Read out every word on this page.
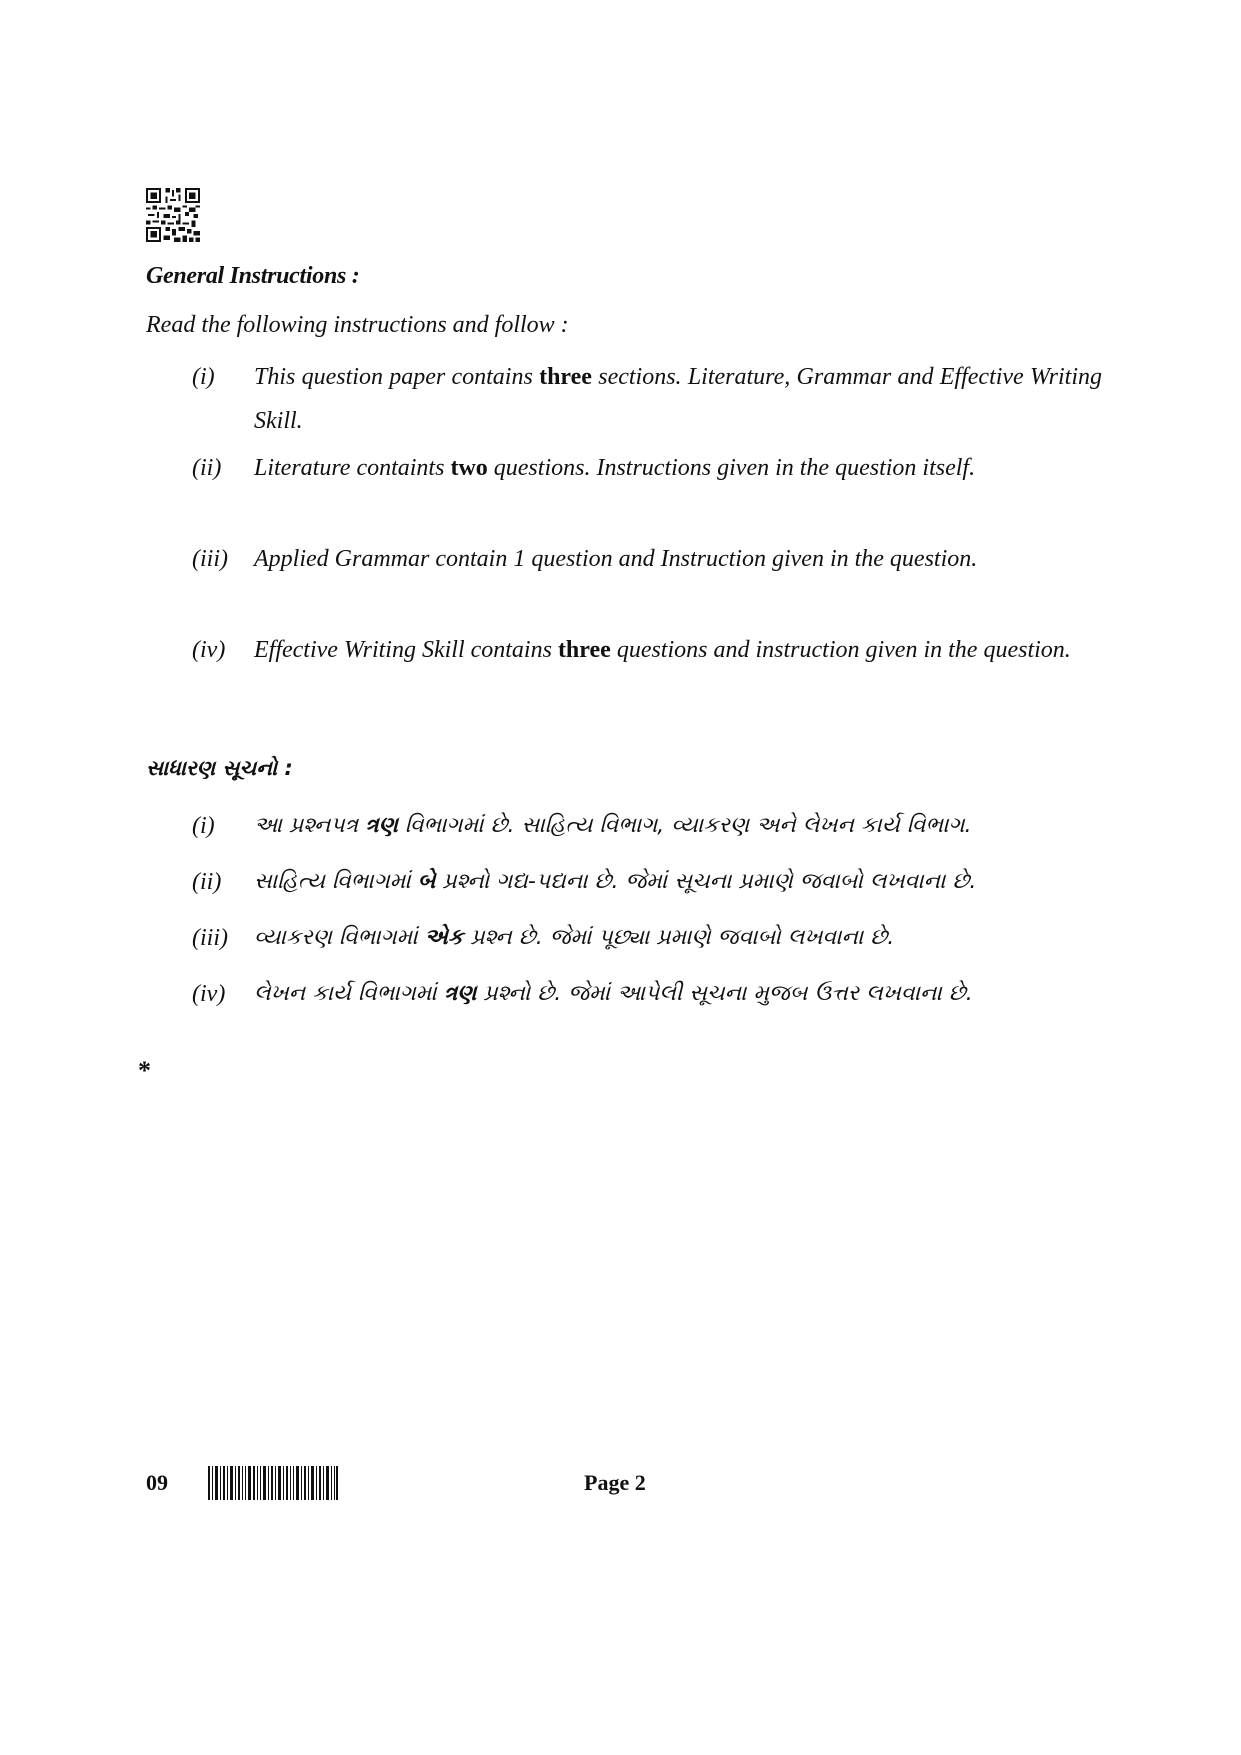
General Instructions :
Read the following instructions and follow :
(i) This question paper contains three sections. Literature, Grammar and Effective Writing Skill.
(ii) Literature containts two questions. Instructions given in the question itself.
(iii) Applied Grammar contain 1 question and Instruction given in the question.
(iv) Effective Writing Skill contains three questions and instruction given in the question.
સાધારણ સૂચનો :
(i) આ પ્રશ્નપત્ર ત્રણ વિભાગમાં છે. સાહિત્ય વિભાગ, વ્યાકરણ અને લેખન કાર્ય વિભાગ.
(ii) સાહિત્ય વિભાગમાં બે પ્રશ્નો ગદ્ય-પદ્યના છે. જેમાં સૂચના પ્રમાણે જવાબો લખવાના છે.
(iii) વ્યાકરણ વિભાગમાં એક પ્રશ્ન છે. જેમાં પૂછ્યા પ્રમાણે જવાબો લખવાના છે.
(iv) લેખન કાર્ય વિભાગમાં ત્રણ પ્રશ્નો છે. જેમાં આપેલી સૂચના મુજબ ઉત્તર લખવાના છે.
*
09	Page 2
